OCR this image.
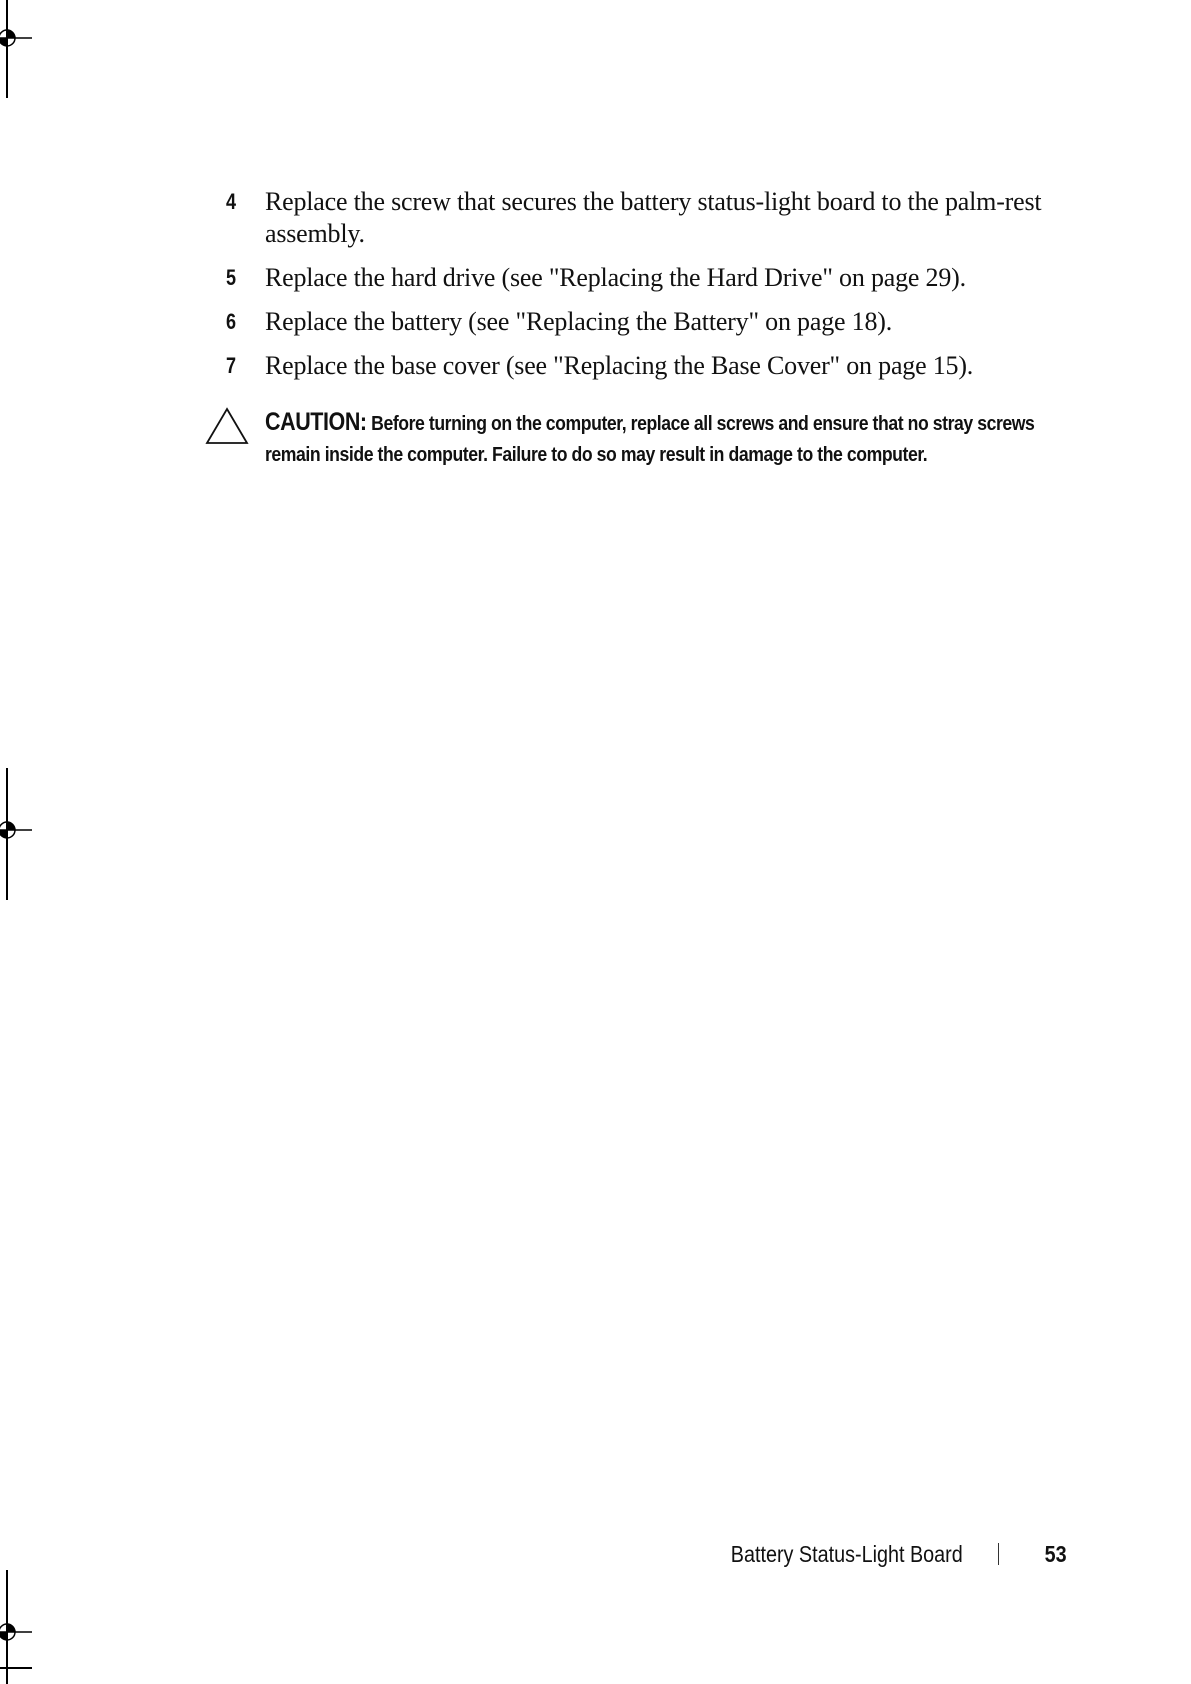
4 Replace the screw that secures the battery status-light board to the palm-rest assembly.
5 Replace the hard drive (see "Replacing the Hard Drive" on page 29).
6 Replace the battery (see "Replacing the Battery" on page 18).
7 Replace the base cover (see "Replacing the Base Cover" on page 15).
CAUTION: Before turning on the computer, replace all screws and ensure that no stray screws remain inside the computer. Failure to do so may result in damage to the computer.
Battery Status-Light Board	53
